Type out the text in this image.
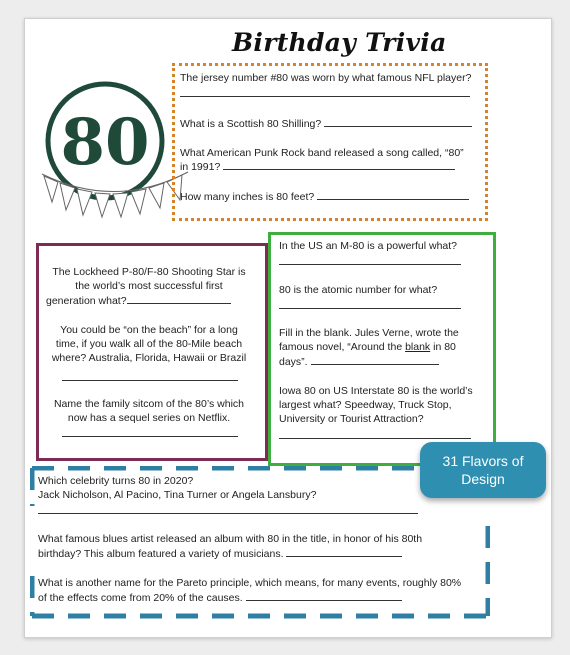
Birthday Trivia
80
The jersey number #80 was worn by what famous NFL player?
What is a Scottish 80 Shilling?
What American Punk Rock band released a song called, “80”
in 1991?
How many inches is 80 feet?
The Lockheed P-80/F-80 Shooting Star is
the world’s most successful first
generation what?
You could be “on the beach” for a long
time, if you walk all of the 80-Mile beach
where? Australia, Florida, Hawaii or Brazil
Name the family sitcom of the 80’s which
now has a sequel series on Netflix.
In the US an M-80 is a powerful what?
80 is the atomic number for what?
Fill in the blank. Jules Verne, wrote the
famous novel, “Around the blank in 80
days”.
Iowa 80 on US Interstate 80 is the world’s
largest what? Speedway, Truck Stop,
University or Tourist Attraction?
Which celebrity turns 80 in 2020?
Jack Nicholson, Al Pacino, Tina Turner or Angela Lansbury?
What famous blues artist released an album with 80 in the title, in honor of his 80th
birthday? This album featured a variety of musicians.
What is another name for the Pareto principle, which means, for many events, roughly 80%
of the effects come from 20% of the causes.
31 Flavors of
Design
